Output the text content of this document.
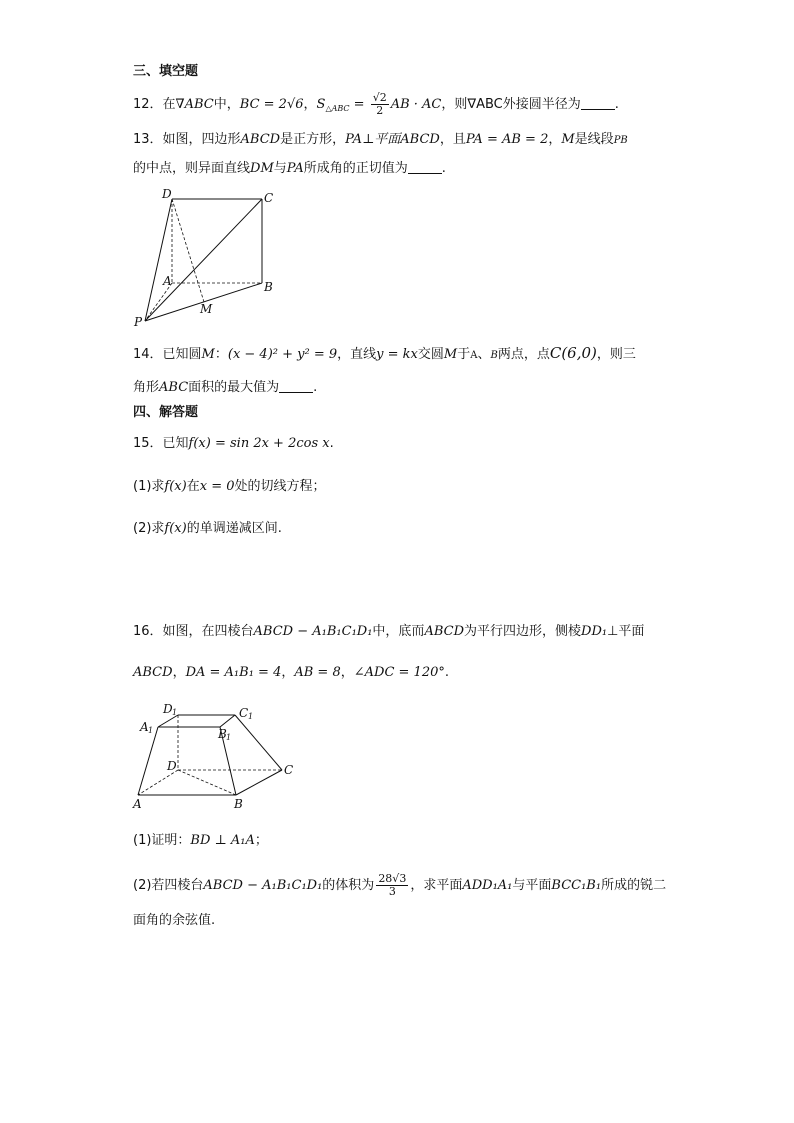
三、填空题
12．在∇ABC中，BC = 2√6，$S_{\triangle ABC} = \frac{√2}{2}$ AB · AC，则∇ABC外接圆半径为	.
13．如图，四边形ABCD是正方形，PA⊥平面ABCD，且PA = AB = 2，M是线段PB
的中点，则异面直线DM与PA所成角的正切值为	.
D	C
A	B
M
P
14．已知圆M：(x − 4)² + y² = 9，直线y = kx交圆M于A、B两点，点C(6,0)，则三
角形ABC面积的最大值为	.
四、解答题
15．已知f(x) = sin 2x + 2cos x.
(1)求f(x)在x = 0处的切线方程；
(2)求f(x)的单调递减区间.
16．如图，在四棱台ABCD − A₁B₁C₁D₁中，底而ABCD为平行四边形，侧棱DD₁⊥平面
ABCD，DA = A₁B₁ = 4，AB = 8，∠ADC = 120°.
D 1	C 1
A 1	B 1
D	C
A	B
(1)证明：BD ⊥ A₁A；
(2)若四棱台ABCD − A₁B₁C₁D₁的体积为 $\frac{28√3}{3}$ ，求平面ADD₁A₁与平面BCC₁B₁所成的锐二
面角的余弦值.
